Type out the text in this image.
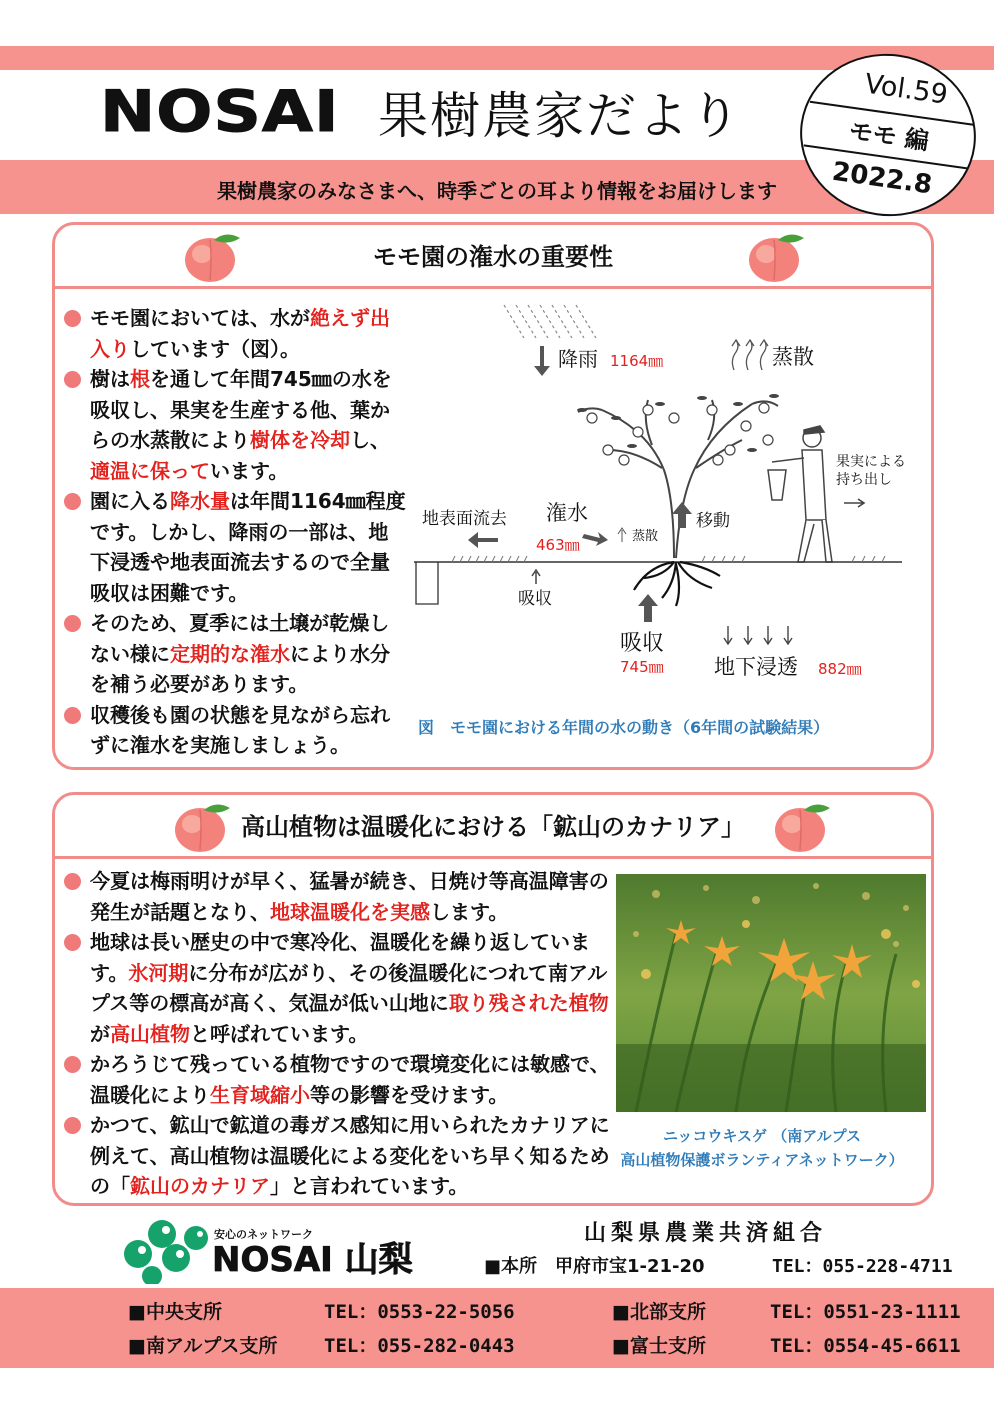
NOSAI 果樹農家だより
果樹農家のみなさまへ、時季ごとの耳より情報をお届けします
Vol.59
モモ 編
2022.8
モモ園の潅水の重要性
モモ園においては、水が絶えず出入りしています（図）。
樹は根を通して年間745㎜の水を吸収し、果実を生産する他、葉からの水蒸散により樹体を冷却し、適温に保っています。
園に入る降水量は年間1164㎜程度です。しかし、降雨の一部は、地下浸透や地表面流去するので全量吸収は困難です。
そのため、夏季には土壌が乾燥しない様に定期的な潅水により水分を補う必要があります。
収穫後も園の状態を見ながら忘れずに潅水を実施しましょう。
降雨 1164㎜	蒸散
果実による
持ち出し
地表面流去 潅水
463㎜	蒸散
移動
吸収
吸収
745㎜ 地下浸透 882㎜
図　モモ園における年間の水の動き（6年間の試験結果）
高山植物は温暖化における「鉱山のカナリア」
今夏は梅雨明けが早く、猛暑が続き、日焼け等高温障害の発生が話題となり、地球温暖化を実感します。
地球は長い歴史の中で寒冷化、温暖化を繰り返しています。氷河期に分布が広がり、その後温暖化につれて南アルプス等の標高が高く、気温が低い山地に取り残された植物が高山植物と呼ばれています。
かろうじて残っている植物ですので環境変化には敏感で、温暖化により生育域縮小等の影響を受けます。
かつて、鉱山で鉱道の毒ガス感知に用いられたカナリアに例えて、高山植物は温暖化による変化をいち早く知るための「鉱山のカナリア」と言われています。
ニッコウキスゲ （南アルプス
高山植物保護ボランティアネットワーク）
安心のネットワーク
NOSAI 山梨
山梨県農業共済組合
■本所　甲府市宝1-21-20	TEL：055-228-4711
■中央支所	TEL：0553-22-5056	■北部支所	TEL：0551-23-1111
■南アルプス支所 TEL：055-282-0443	■富士支所	TEL：0554-45-6611
